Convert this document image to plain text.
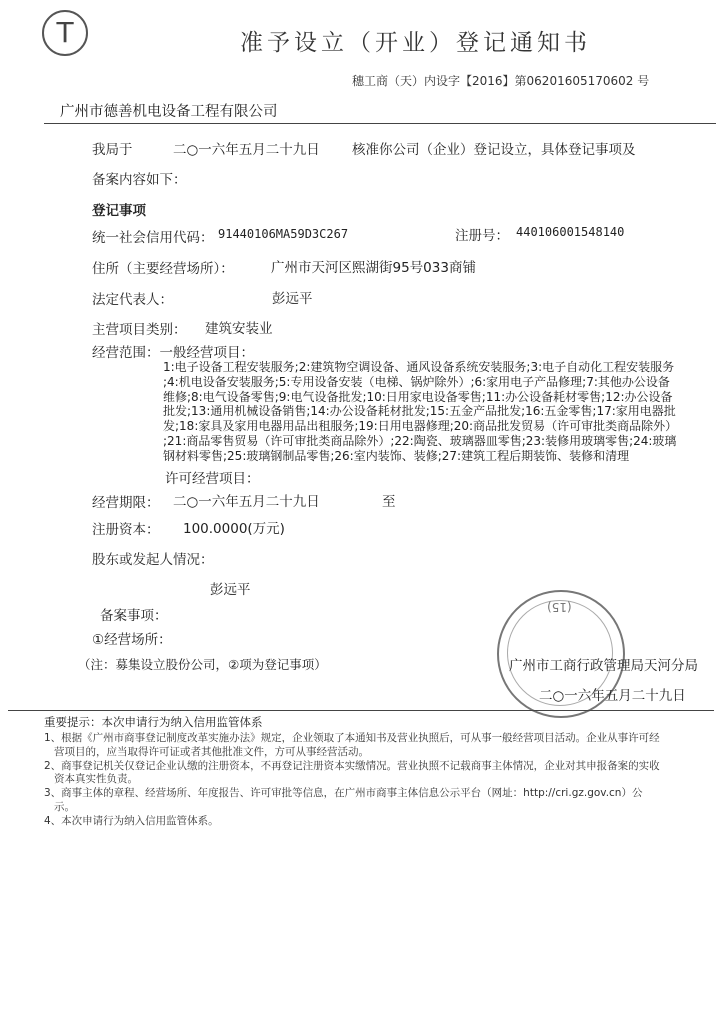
T	准予设立（开业）登记通知书
穗工商（天）内设字【2016】第06201605170602 号
广州市德善机电设备工程有限公司
我局于	二○一六年五月二十九日 核准你公司（企业）登记设立，具体登记事项及
备案内容如下：
登记事项
统一社会信用代码： 91440106MA59D3C267	注册号： 440106001548140
住所（主要经营场所）：	广州市天河区熙湖街95号033商铺
法定代表人：	彭远平
主营项目类别： 建筑安装业
经营范围：一般经营项目：
1:电子设备工程安装服务;2:建筑物空调设备、通风设备系统安装服务;3:电子自动化工程安装服务
;4:机电设备安装服务;5:专用设备安装（电梯、锅炉除外）;6:家用电子产品修理;7:其他办公设备
维修;8:电气设备零售;9:电气设备批发;10:日用家电设备零售;11:办公设备耗材零售;12:办公设备
批发;13:通用机械设备销售;14:办公设备耗材批发;15:五金产品批发;16:五金零售;17:家用电器批
发;18:家具及家用电器用品出租服务;19:日用电器修理;20:商品批发贸易（许可审批类商品除外）
;21:商品零售贸易（许可审批类商品除外）;22:陶瓷、玻璃器皿零售;23:装修用玻璃零售;24:玻璃
钢材料零售;25:玻璃钢制品零售;26:室内装饰、装修;27:建筑工程后期装饰、装修和清理
许可经营项目：
经营期限： 二○一六年五月二十九日	至
注册资本： 100.0000(万元)
股东或发起人情况：
彭远平
备案事项：
①经营场所：
（注：募集设立股份公司，②项为登记事项）
(15)
广州市工商行政管理局天河分局
二○一六年五月二十九日
重要提示：本次申请行为纳入信用监管体系
1、根据《广州市商事登记制度改革实施办法》规定，企业领取了本通知书及营业执照后，可从事一般经营项目活动。企业从事许可经
营项目的，应当取得许可证或者其他批准文件，方可从事经营活动。
2、商事登记机关仅登记企业认缴的注册资本，不再登记注册资本实缴情况。营业执照不记载商事主体情况，企业对其申报备案的实收
资本真实性负责。
3、商事主体的章程、经营场所、年度报告、许可审批等信息，在广州市商事主体信息公示平台（网址：http://cri.gz.gov.cn）公
示。
4、本次申请行为纳入信用监管体系。
